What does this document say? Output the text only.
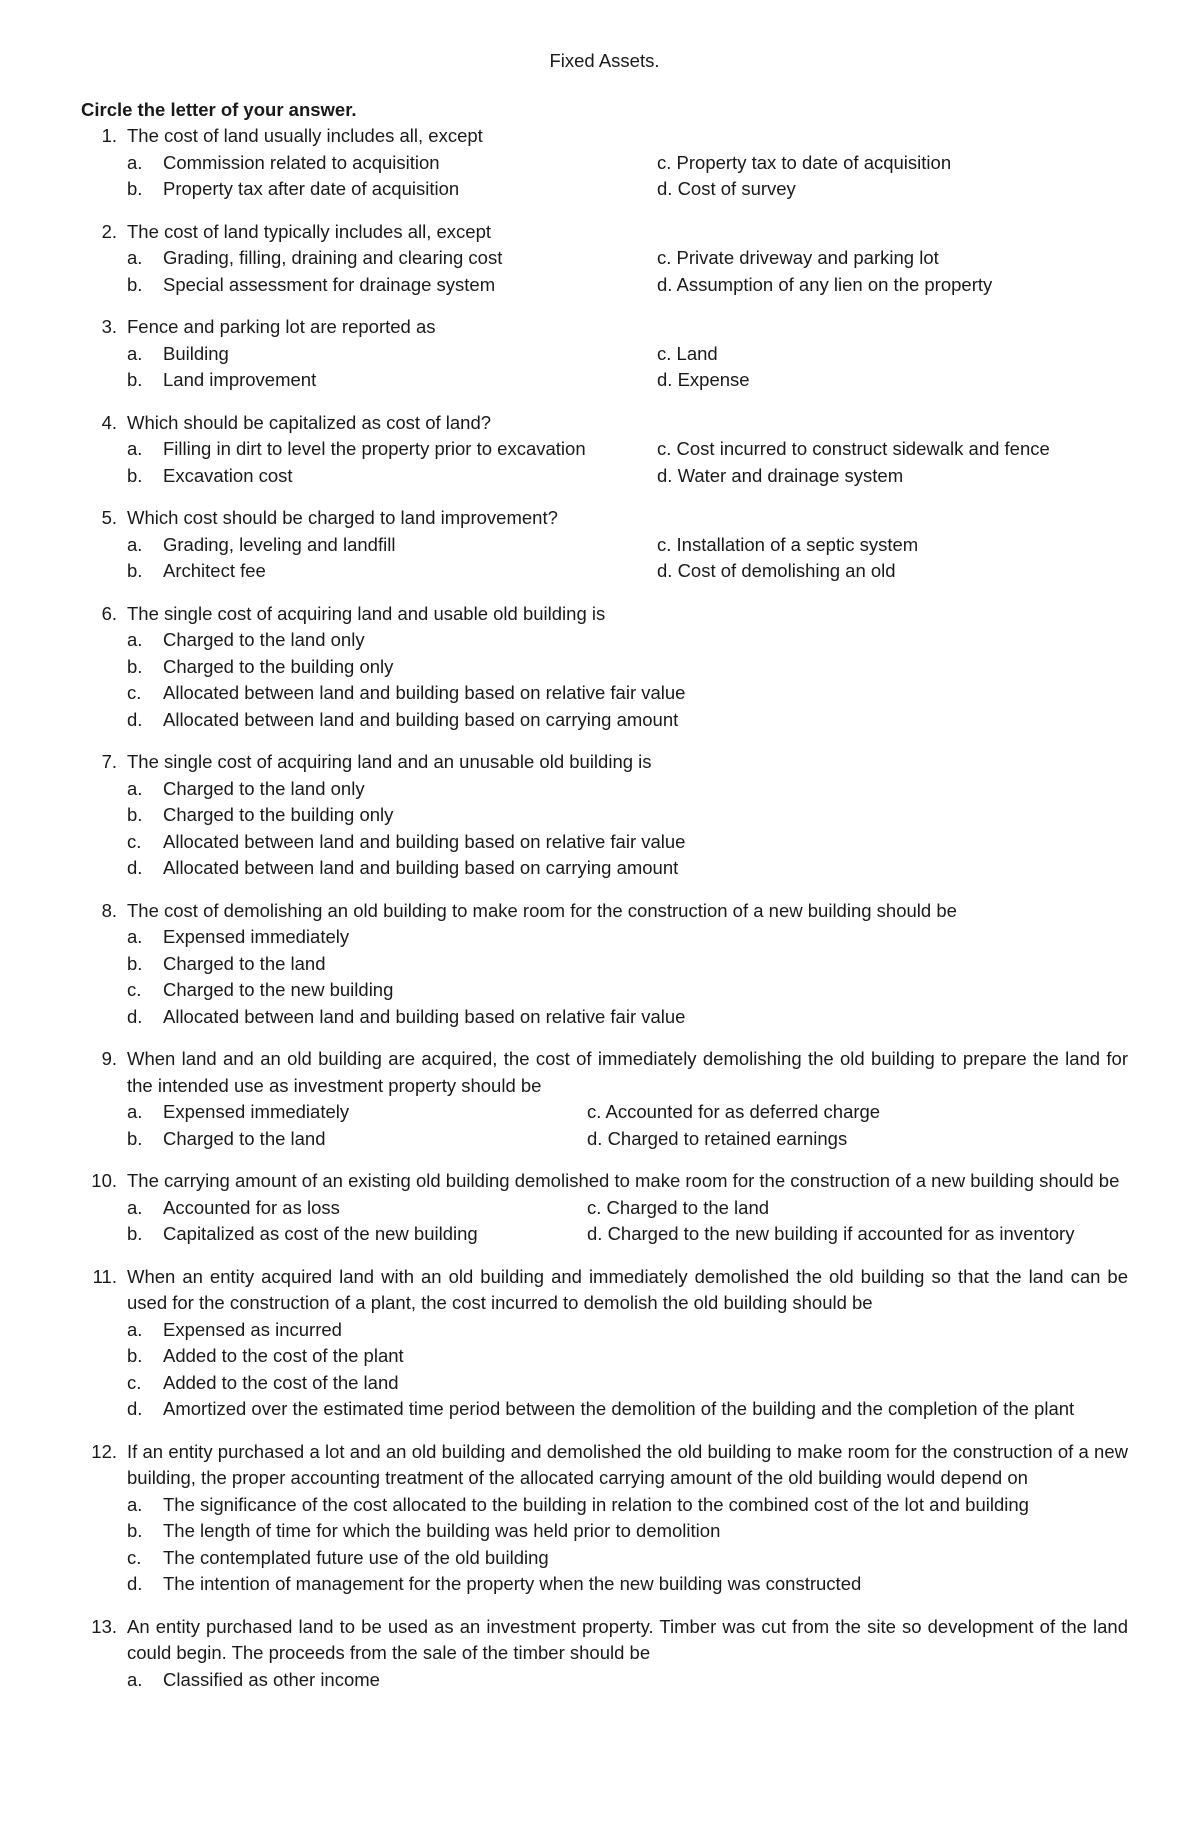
Fixed Assets.
Circle the letter of your answer.
1. The cost of land usually includes all, except
a.	Commission related to acquisition	c. Property tax to date of acquisition
b.	Property tax after date of acquisition	d. Cost of survey
2. The cost of land typically includes all, except
a.	Grading, filling, draining and clearing cost	c. Private driveway and parking lot
b.	Special assessment for drainage system	d. Assumption of any lien on the property
3. Fence and parking lot are reported as
a.	Building	c. Land
b.	Land improvement	d. Expense
4. Which should be capitalized as cost of land?
a.	Filling in dirt to level the property prior to excavation	c. Cost incurred to construct sidewalk and fence
b.	Excavation cost	d. Water and drainage system
5. Which cost should be charged to land improvement?
a.	Grading, leveling and landfill	c. Installation of a septic system
b.	Architect fee	d. Cost of demolishing an old
6. The single cost of acquiring land and usable old building is
a.	Charged to the land only
b.	Charged to the building only
c.	Allocated between land and building based on relative fair value
d.	Allocated between land and building based on carrying amount
7. The single cost of acquiring land and an unusable old building is
a.	Charged to the land only
b.	Charged to the building only
c.	Allocated between land and building based on relative fair value
d.	Allocated between land and building based on carrying amount
8. The cost of demolishing an old building to make room for the construction of a new building should be
a.	Expensed immediately
b.	Charged to the land
c.	Charged to the new building
d.	Allocated between land and building based on relative fair value
9. When land and an old building are acquired, the cost of immediately demolishing the old building to prepare the land for the intended use as investment property should be
a.	Expensed immediately	c. Accounted for as deferred charge
b.	Charged to the land	d. Charged to retained earnings
10. The carrying amount of an existing old building demolished to make room for the construction of a new building should be
a.	Accounted for as loss	c. Charged to the land
b.	Capitalized as cost of the new building	d. Charged to the new building if accounted for as inventory
11. When an entity acquired land with an old building and immediately demolished the old building so that the land can be used for the construction of a plant, the cost incurred to demolish the old building should be
a.	Expensed as incurred
b.	Added to the cost of the plant
c.	Added to the cost of the land
d.	Amortized over the estimated time period between the demolition of the building and the completion of the plant
12. If an entity purchased a lot and an old building and demolished the old building to make room for the construction of a new building, the proper accounting treatment of the allocated carrying amount of the old building would depend on
a.	The significance of the cost allocated to the building in relation to the combined cost of the lot and building
b.	The length of time for which the building was held prior to demolition
c.	The contemplated future use of the old building
d.	The intention of management for the property when the new building was constructed
13. An entity purchased land to be used as an investment property. Timber was cut from the site so development of the land could begin. The proceeds from the sale of the timber should be
a.	Classified as other income
